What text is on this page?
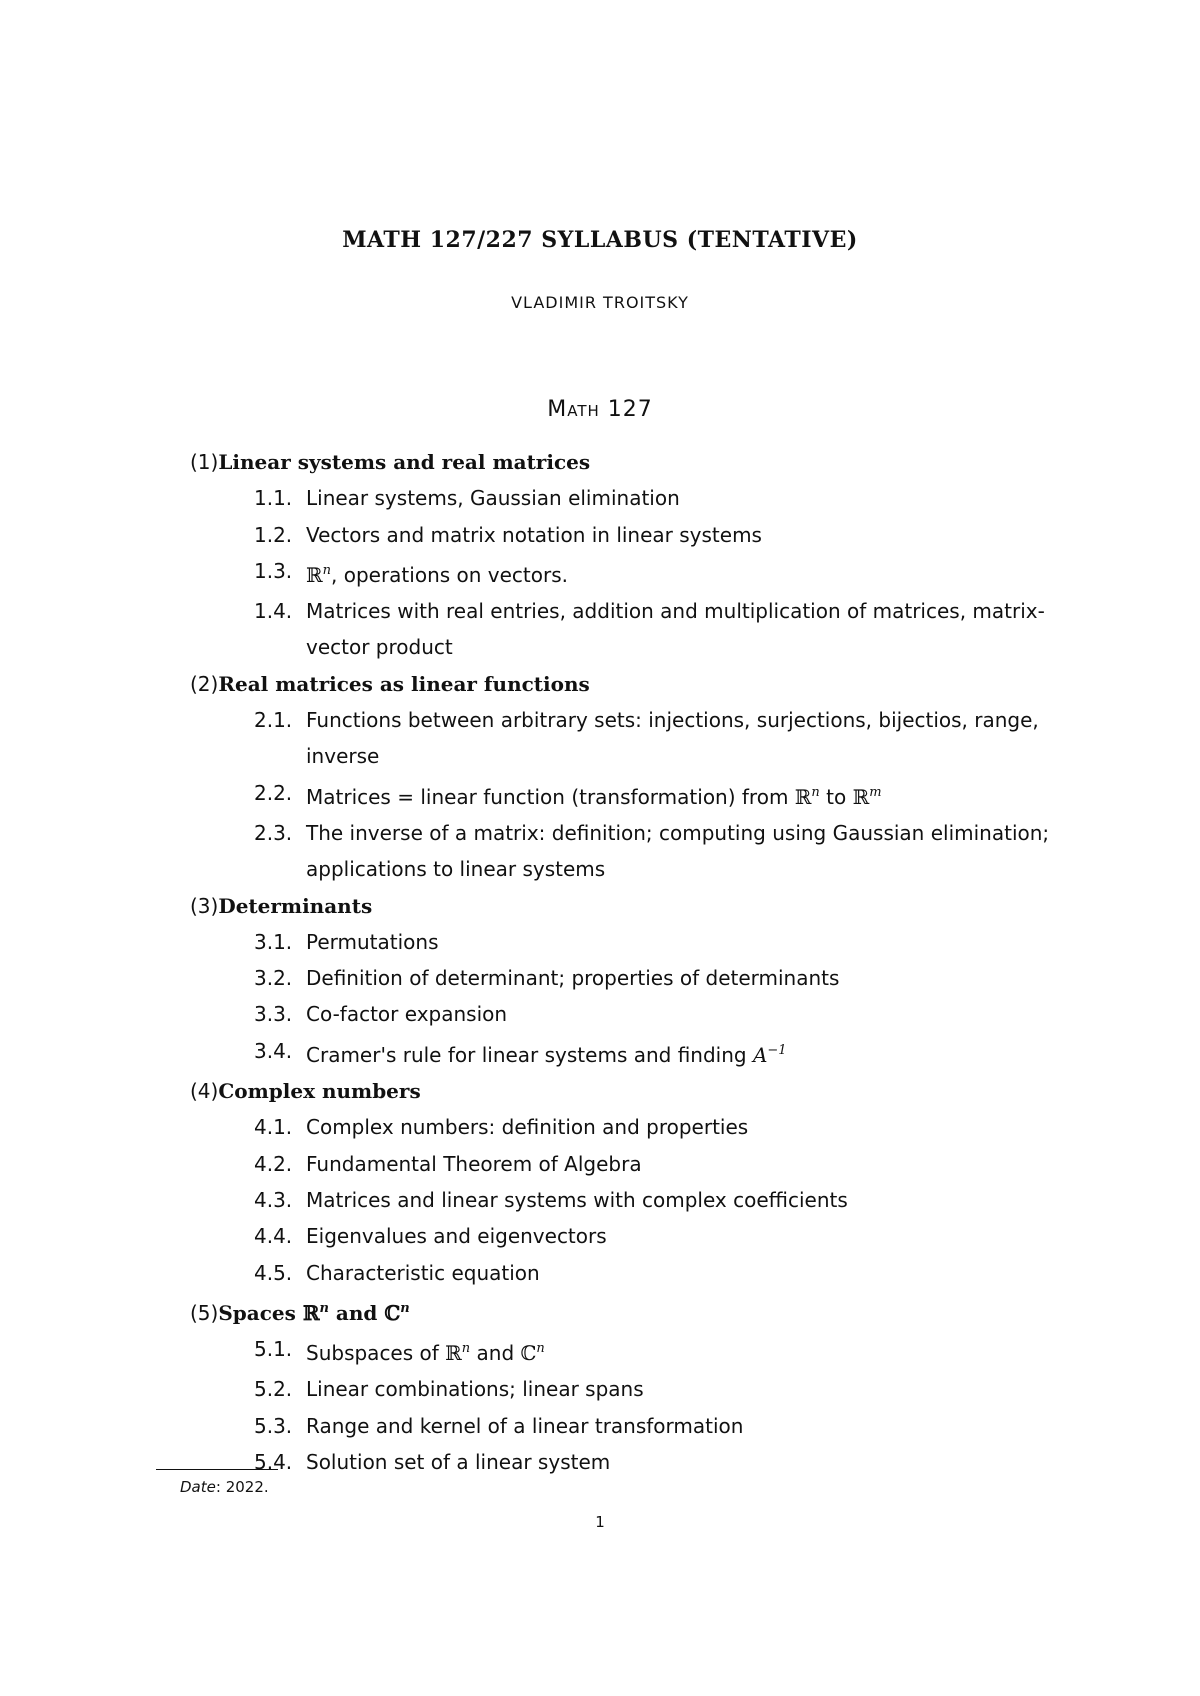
MATH 127/227 SYLLABUS (TENTATIVE)
VLADIMIR TROITSKY
Math 127
(1)Linear systems and real matrices
1.1. Linear systems, Gaussian elimination
1.2. Vectors and matrix notation in linear systems
1.3. ℝ$^n$, operations on vectors.
1.4. Matrices with real entries, addition and multiplication of matrices, matrix-vector product
(2)Real matrices as linear functions
2.1. Functions between arbitrary sets: injections, surjections, bijectios, range, inverse
2.2. Matrices = linear function (transformation) from ℝ$^n$ to ℝ$^m$
2.3. The inverse of a matrix: definition; computing using Gaussian elimination; applications to linear systems
(3)Determinants
3.1. Permutations
3.2. Definition of determinant; properties of determinants
3.3. Co-factor expansion
3.4. Cramer's rule for linear systems and finding $A^{-1}$
(4)Complex numbers
4.1. Complex numbers: definition and properties
4.2. Fundamental Theorem of Algebra
4.3. Matrices and linear systems with complex coefficients
4.4. Eigenvalues and eigenvectors
4.5. Characteristic equation
(5)Spaces ℝ$^n$ and ℂ$^n$
5.1. Subspaces of ℝ$^n$ and ℂ$^n$
5.2. Linear combinations; linear spans
5.3. Range and kernel of a linear transformation
5.4. Solution set of a linear system
Date: 2022.
1
